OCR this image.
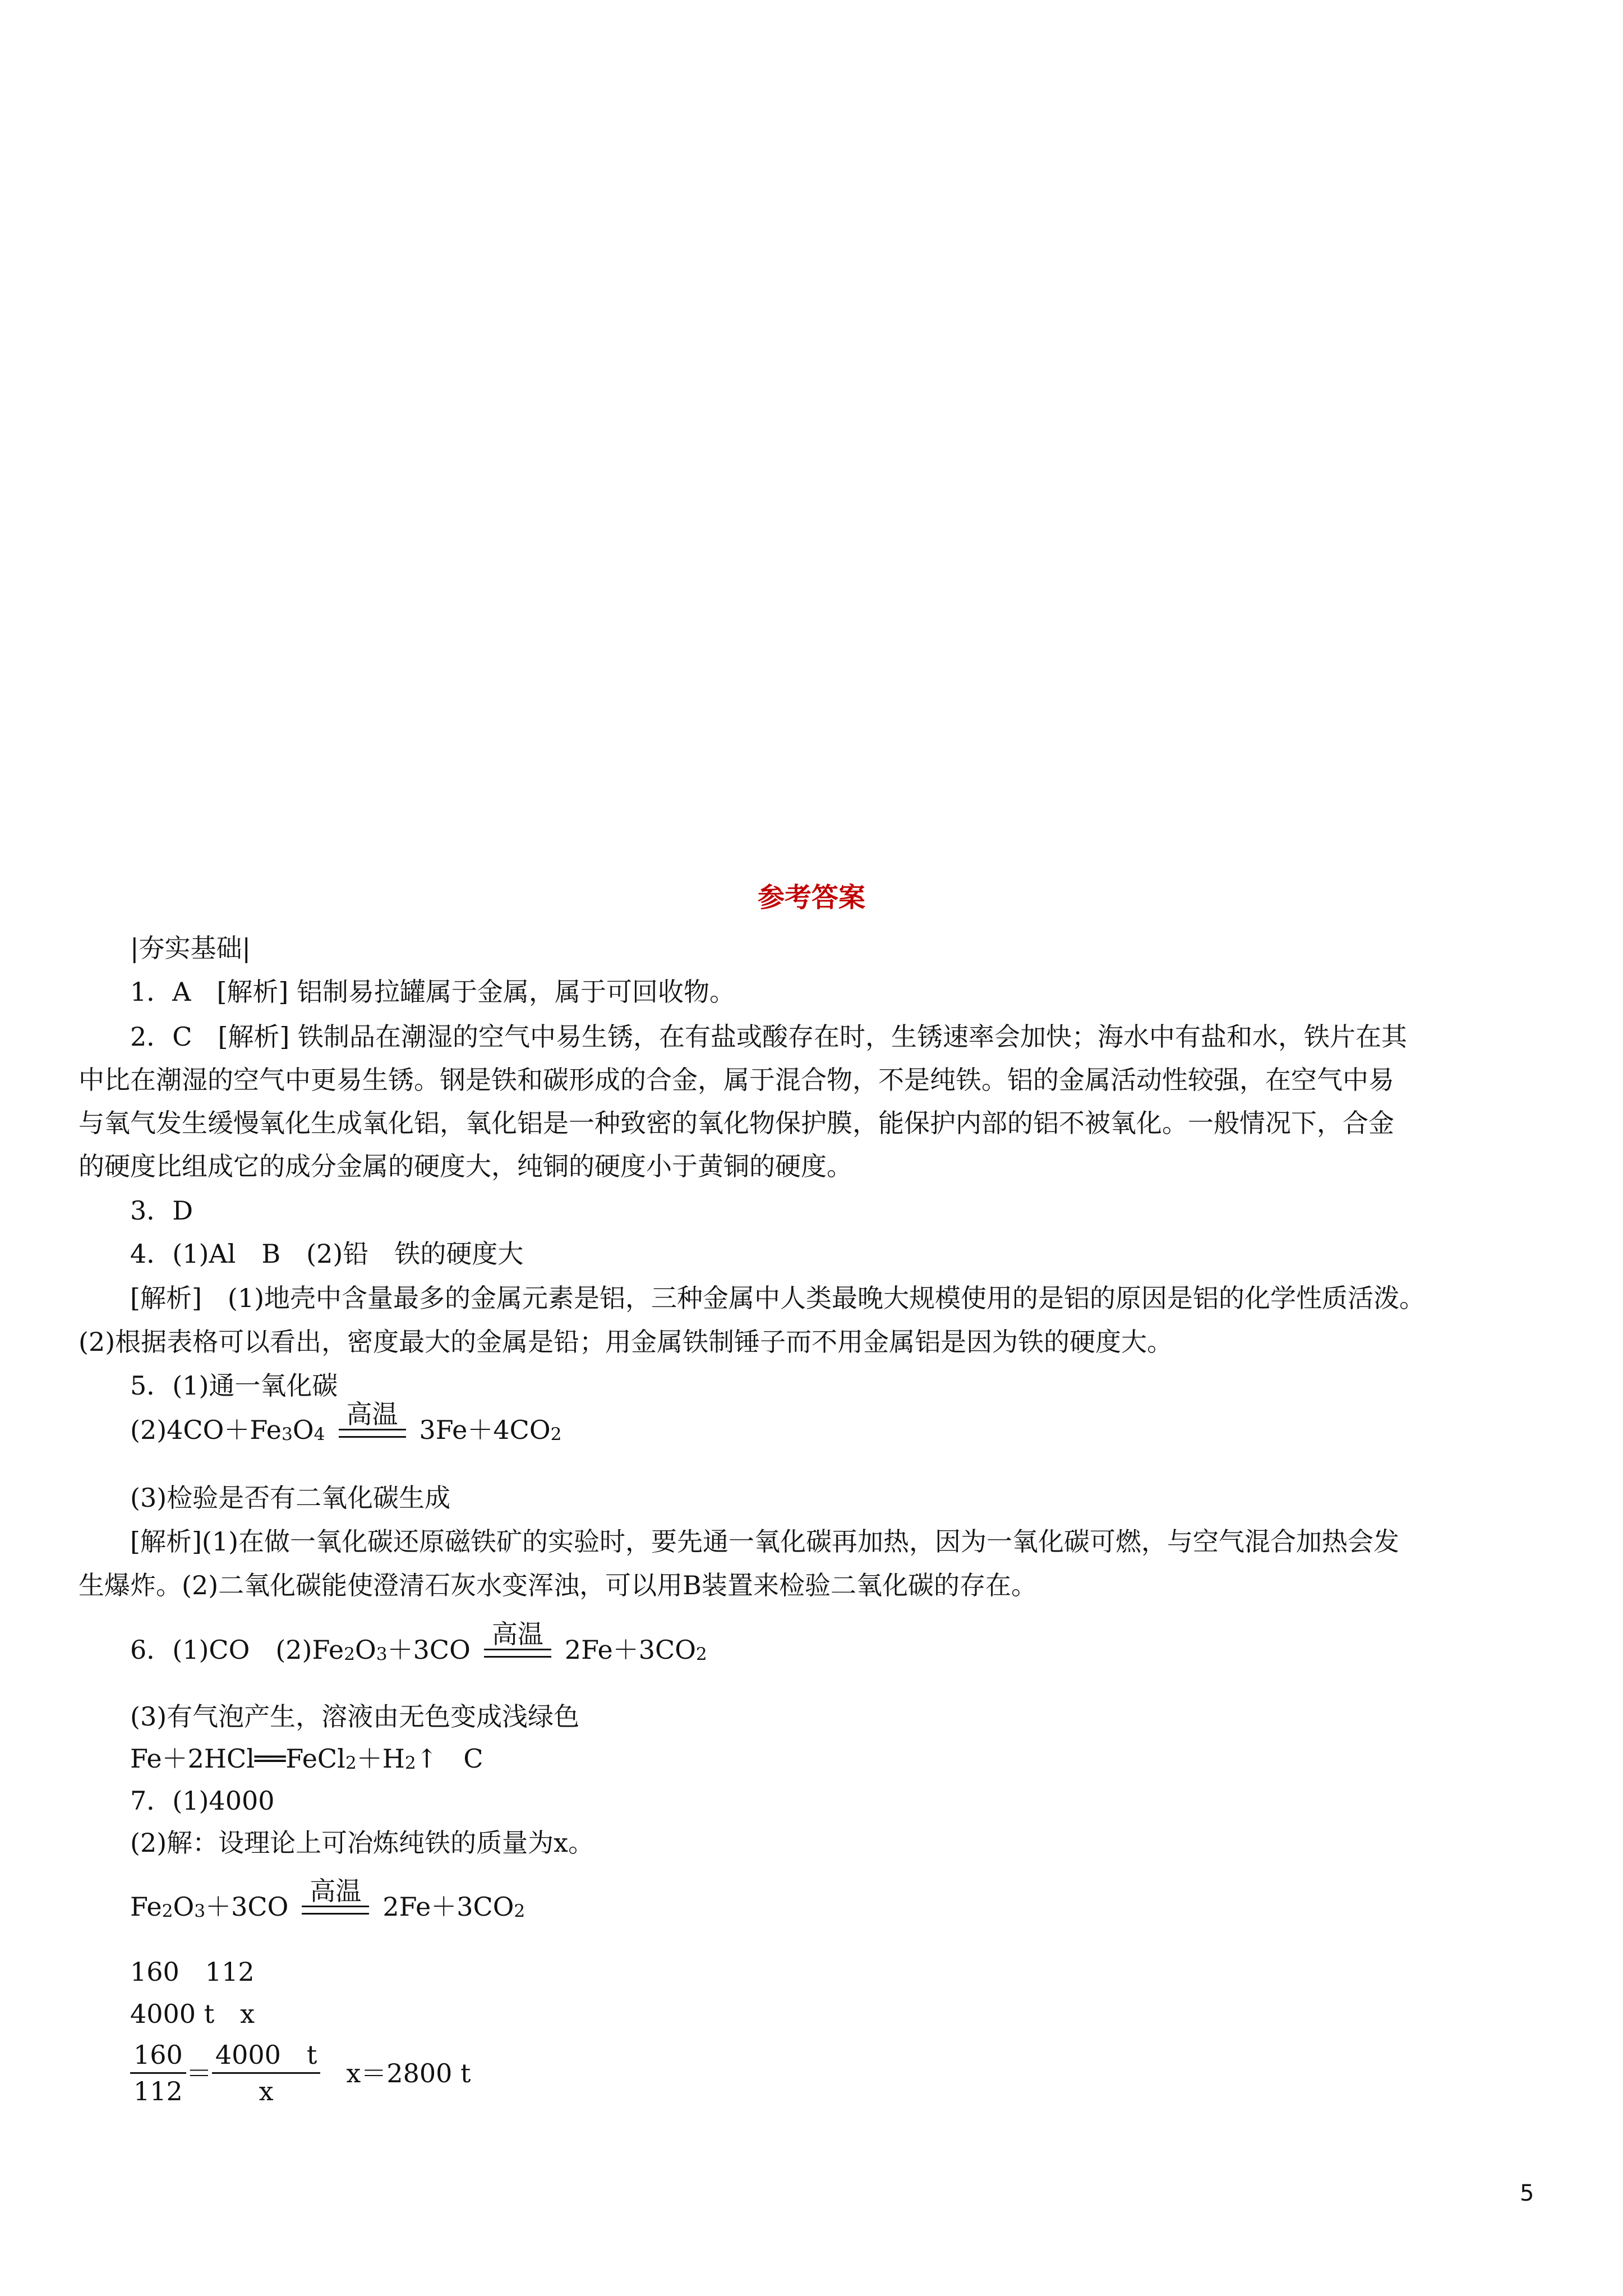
参考答案
|夯实基础|
1．A　[解析] 铝制易拉罐属于金属，属于可回收物。
2．C　[解析] 铁制品在潮湿的空气中易生锈，在有盐或酸存在时，生锈速率会加快；海水中有盐和水，铁片在其
中比在潮湿的空气中更易生锈。钢是铁和碳形成的合金，属于混合物，不是纯铁。铝的金属活动性较强，在空气中易
与氧气发生缓慢氧化生成氧化铝，氧化铝是一种致密的氧化物保护膜，能保护内部的铝不被氧化。一般情况下，合金
的硬度比组成它的成分金属的硬度大，纯铜的硬度小于黄铜的硬度。
3．D
4．(1)Al　B　(2)铅　铁的硬度大
[解析]　(1)地壳中含量最多的金属元素是铝，三种金属中人类最晚大规模使用的是铝的原因是铝的化学性质活泼。
(2)根据表格可以看出，密度最大的金属是铅；用金属铁制锤子而不用金属铝是因为铁的硬度大。
5．(1)通一氧化碳
(2)4CO＋Fe 3 O 4
高温
3Fe＋4CO 2
(3)检验是否有二氧化碳生成
[解析](1)在做一氧化碳还原磁铁矿的实验时，要先通一氧化碳再加热，因为一氧化碳可燃，与空气混合加热会发
生爆炸。(2)二氧化碳能使澄清石灰水变浑浊，可以用B装置来检验二氧化碳的存在。
6．(1)CO　(2)Fe 2 O 3 ＋3CO
高温
2Fe＋3CO 2
(3)有气泡产生，溶液由无色变成浅绿色
Fe＋2HCl ══ FeCl 2 ＋H 2 ↑　C
7．(1)4000
(2)解：设理论上可冶炼纯铁的质量为x。
Fe 2 O 3 ＋3CO
高温
2Fe＋3CO 2
160　112
4000 t　x
$\frac{160}{112} = \frac{4000 t}{x} x=2800$ t
5
